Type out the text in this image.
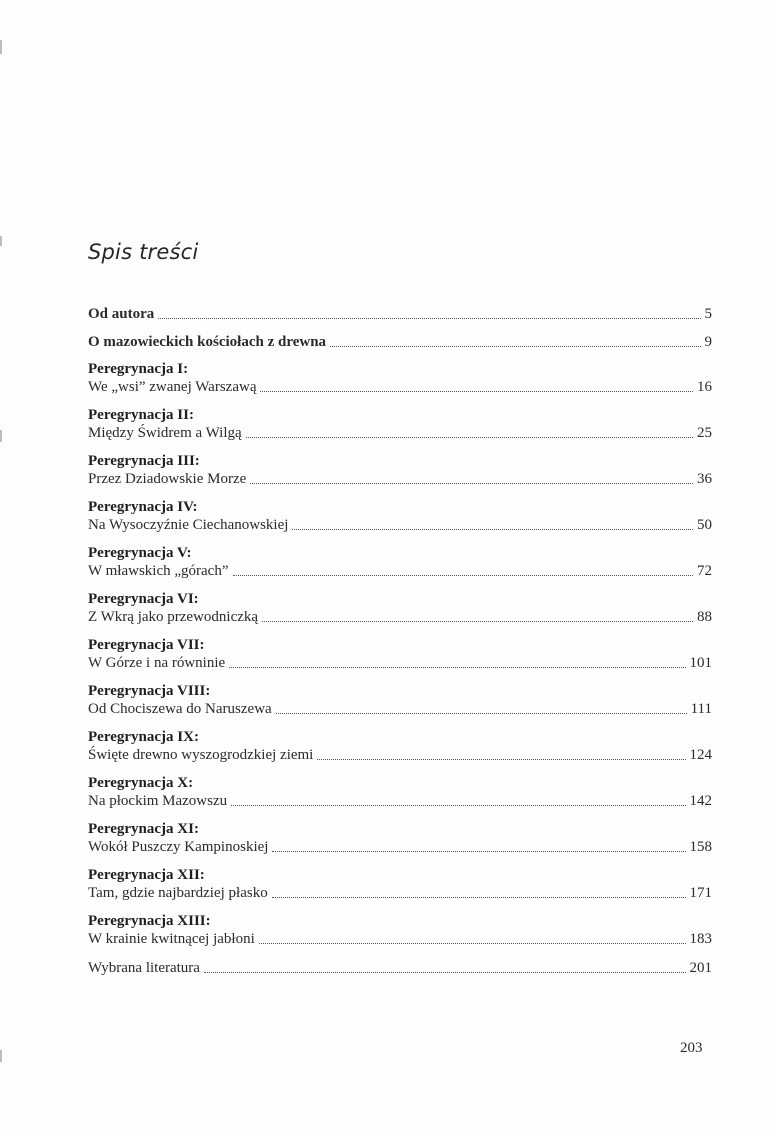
Spis treści
Od autora	5
O mazowieckich kościołach z drewna	9
Peregrynacja I:
We „wsi” zwanej Warszawą	16
Peregrynacja II:
Między Świdrem a Wilgą	25
Peregrynacja III:
Przez Dziadowskie Morze	36
Peregrynacja IV:
Na Wysoczyźnie Ciechanowskiej	50
Peregrynacja V:
W mławskich „górach”	72
Peregrynacja VI:
Z Wkrą jako przewodniczką	88
Peregrynacja VII:
W Górze i na równinie	101
Peregrynacja VIII:
Od Chociszewa do Naruszewa	111
Peregrynacja IX:
Święte drewno wyszogrodzkiej ziemi	124
Peregrynacja X:
Na płockim Mazowszu	142
Peregrynacja XI:
Wokół Puszczy Kampinoskiej	158
Peregrynacja XII:
Tam, gdzie najbardziej płasko	171
Peregrynacja XIII:
W krainie kwitnącej jabłoni	183
Wybrana literatura	201
203
